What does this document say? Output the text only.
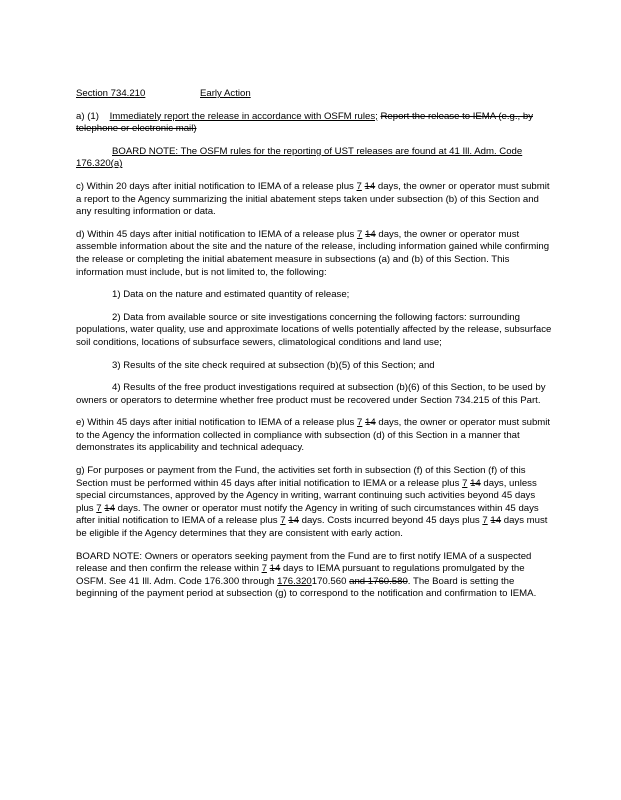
Section 734.210	Early Action

a) (1) Immediately report the release in accordance with OSFM rules; Report the release to IEMA (e.g., by telephone or electronic mail)

BOARD NOTE: The OSFM rules for the reporting of UST releases are found at 41 Ill. Adm. Code 176.320(a)

c) Within 20 days after initial notification to IEMA of a release plus 7 14 days, the owner or operator must submit a report to the Agency summarizing the initial abatement steps taken under subsection (b) of this Section and any resulting information or data.

d) Within 45 days after initial notification to IEMA of a release plus 7 14 days, the owner or operator must assemble information about the site and the nature of the release, including information gained while confirming the release or completing the initial abatement measure in subsections (a) and (b) of this Section. This information must include, but is not limited to, the following:

1) Data on the nature and estimated quantity of release;

2) Data from available source or site investigations concerning the following factors: surrounding populations, water quality, use and approximate locations of wells potentially affected by the release, subsurface soil conditions, locations of subsurface sewers, climatological conditions and land use;

3) Results of the site check required at subsection (b)(5) of this Section; and

4) Results of the free product investigations required at subsection (b)(6) of this Section, to be used by owners or operators to determine whether free product must be recovered under Section 734.215 of this Part.

e) Within 45 days after initial notification to IEMA of a release plus 7 14 days, the owner or operator must submit to the Agency the information collected in compliance with subsection (d) of this Section in a manner that demonstrates its applicability and technical adequacy.

g) For purposes or payment from the Fund, the activities set forth in subsection (f) of this Section (f) of this Section must be performed within 45 days after initial notification to IEMA or a release plus 7 14 days, unless special circumstances, approved by the Agency in writing, warrant continuing such activities beyond 45 days plus 7 14 days. The owner or operator must notify the Agency in writing of such circumstances within 45 days after initial notification to IEMA of a release plus 7 14 days. Costs incurred beyond 45 days plus 7 14 days must be eligible if the Agency determines that they are consistent with early action.

BOARD NOTE: Owners or operators seeking payment from the Fund are to first notify IEMA of a suspected release and then confirm the release within 7 14 days to IEMA pursuant to regulations promulgated by the OSFM. See 41 Ill. Adm. Code 176.300 through 176.320170.560 and 1760.580. The Board is setting the beginning of the payment period at subsection (g) to correspond to the notification and confirmation to IEMA.
